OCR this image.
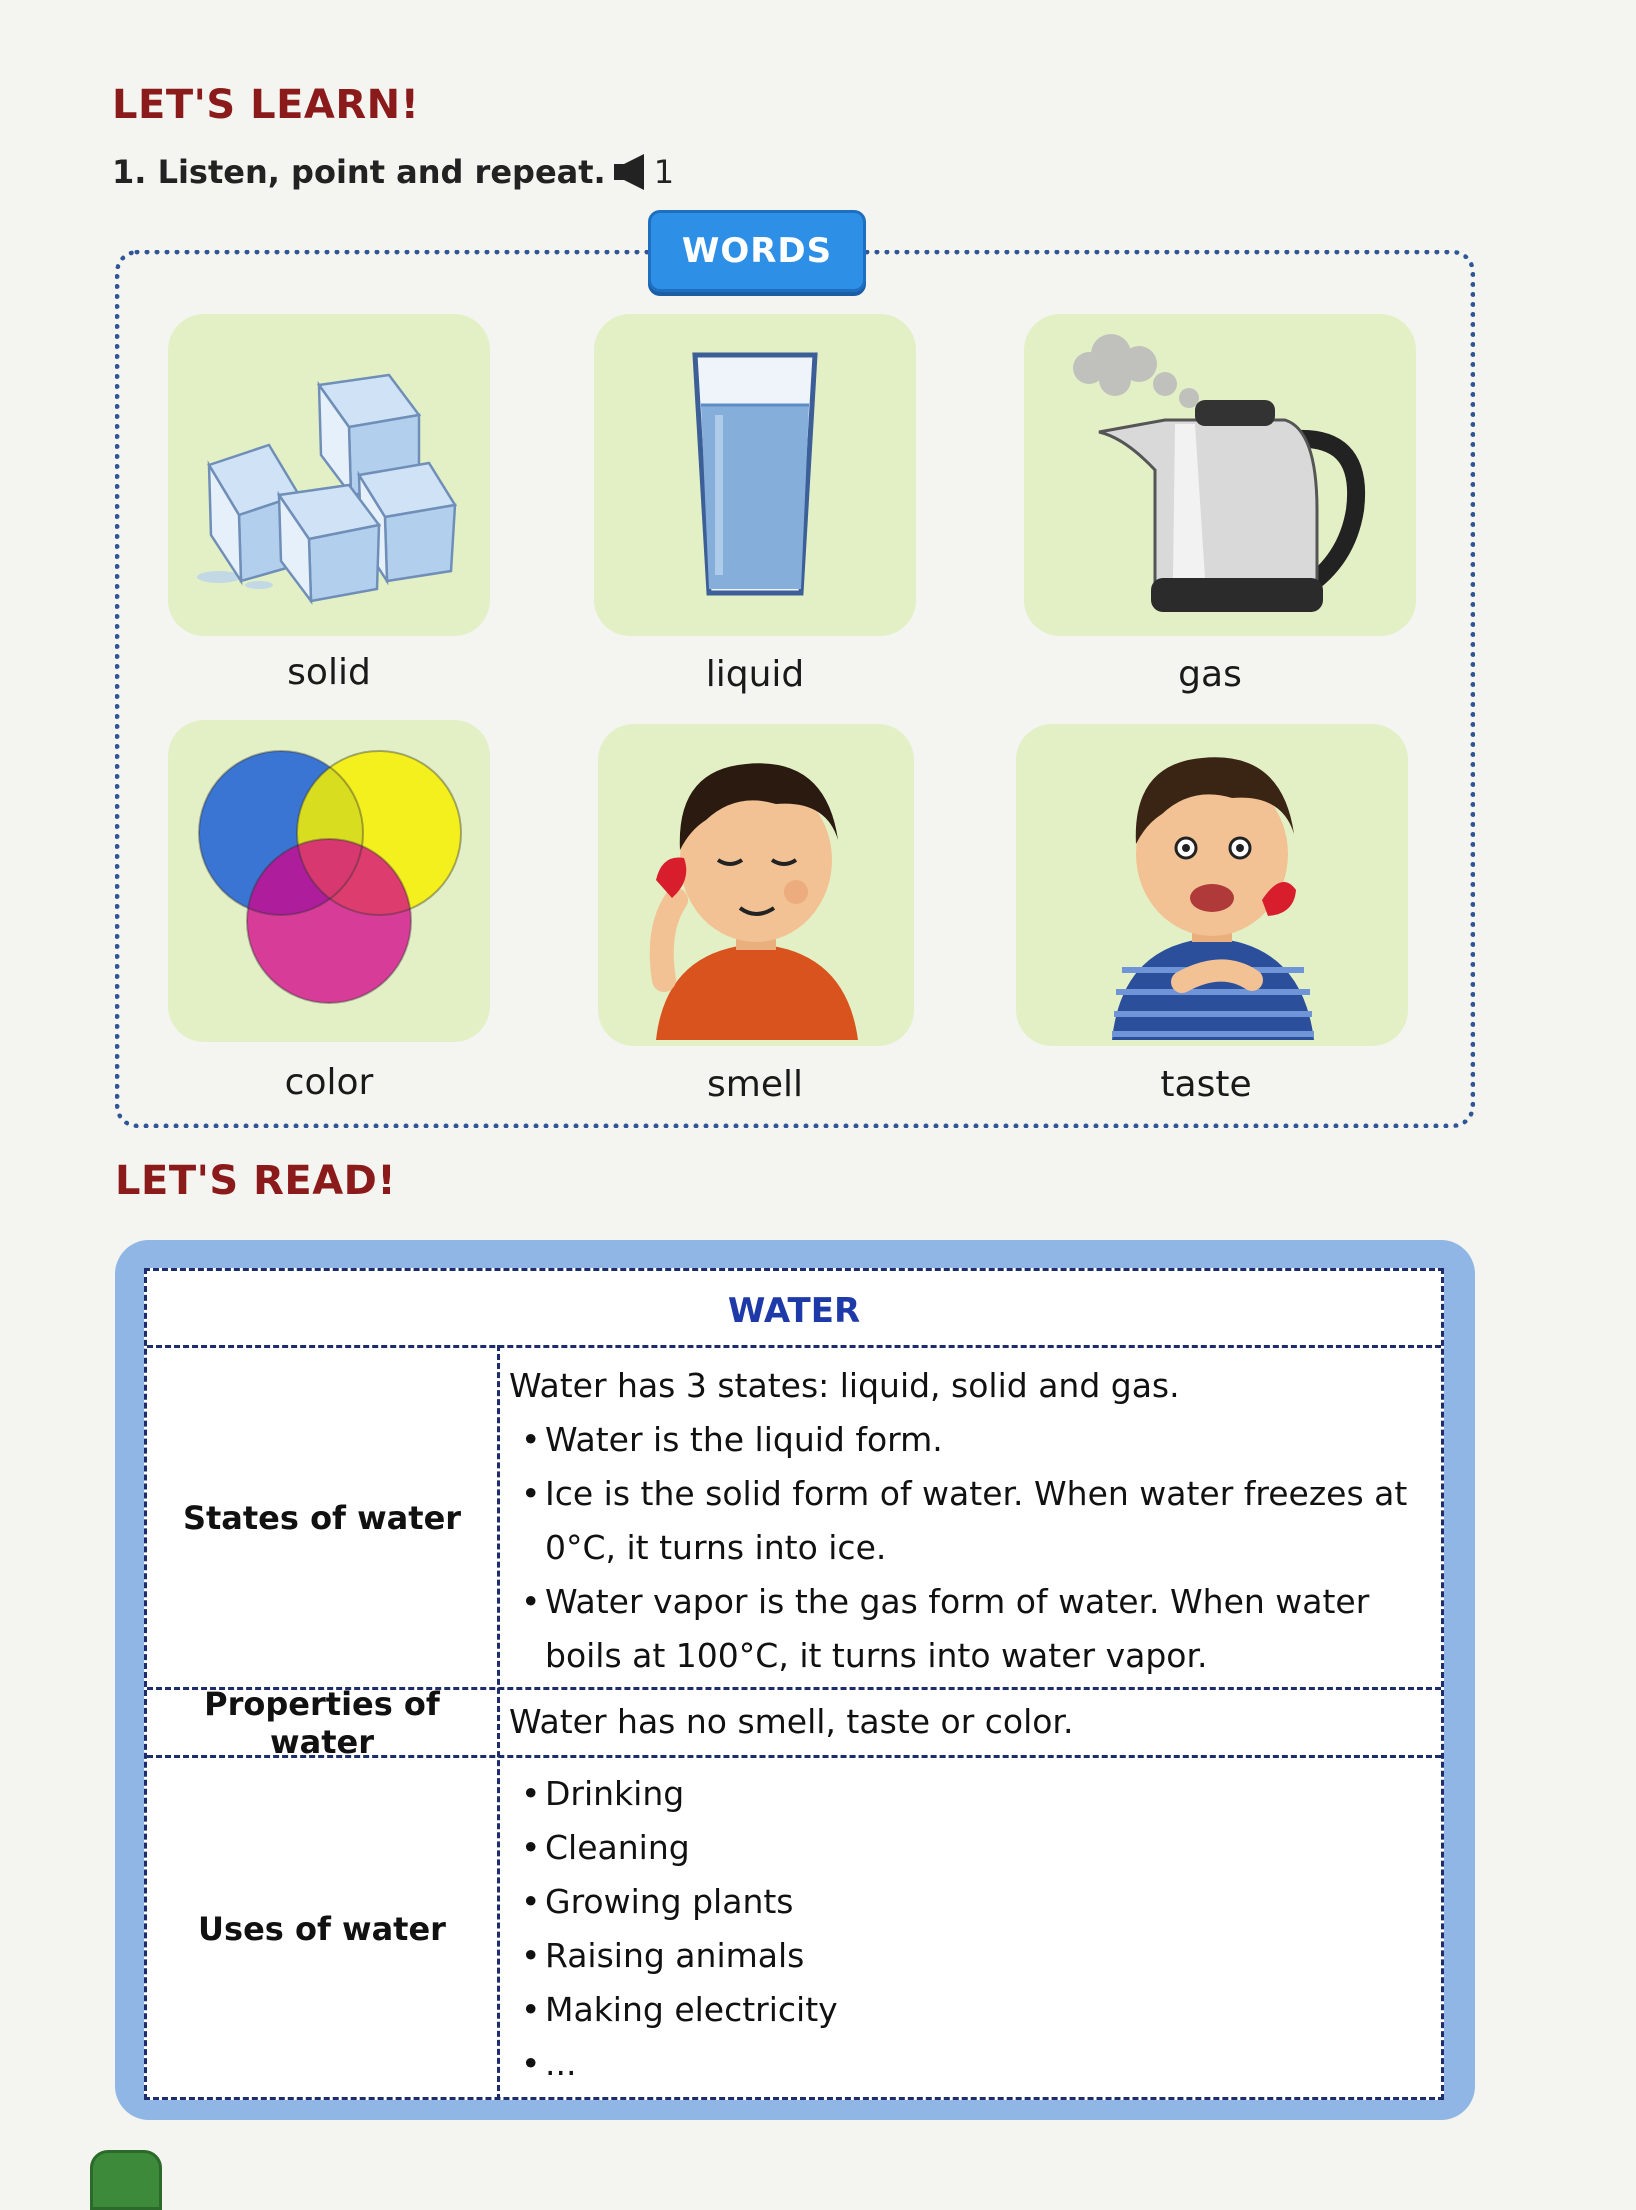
LET'S LEARN!
1. Listen, point and repeat. 1
WORDS
solid	liquid	gas
color	smell	taste
LET'S READ!
WATER
States of water
Water has 3 states: liquid, solid and gas.
• Water is the liquid form.
• Ice is the solid form of water. When water freezes at 0°C, it turns into ice.
• Water vapor is the gas form of water. When water boils at 100°C, it turns into water vapor.
Properties of water
Water has no smell, taste or color.
Uses of water
• Drinking
• Cleaning
• Growing plants
• Raising animals
• Making electricity
• ...
